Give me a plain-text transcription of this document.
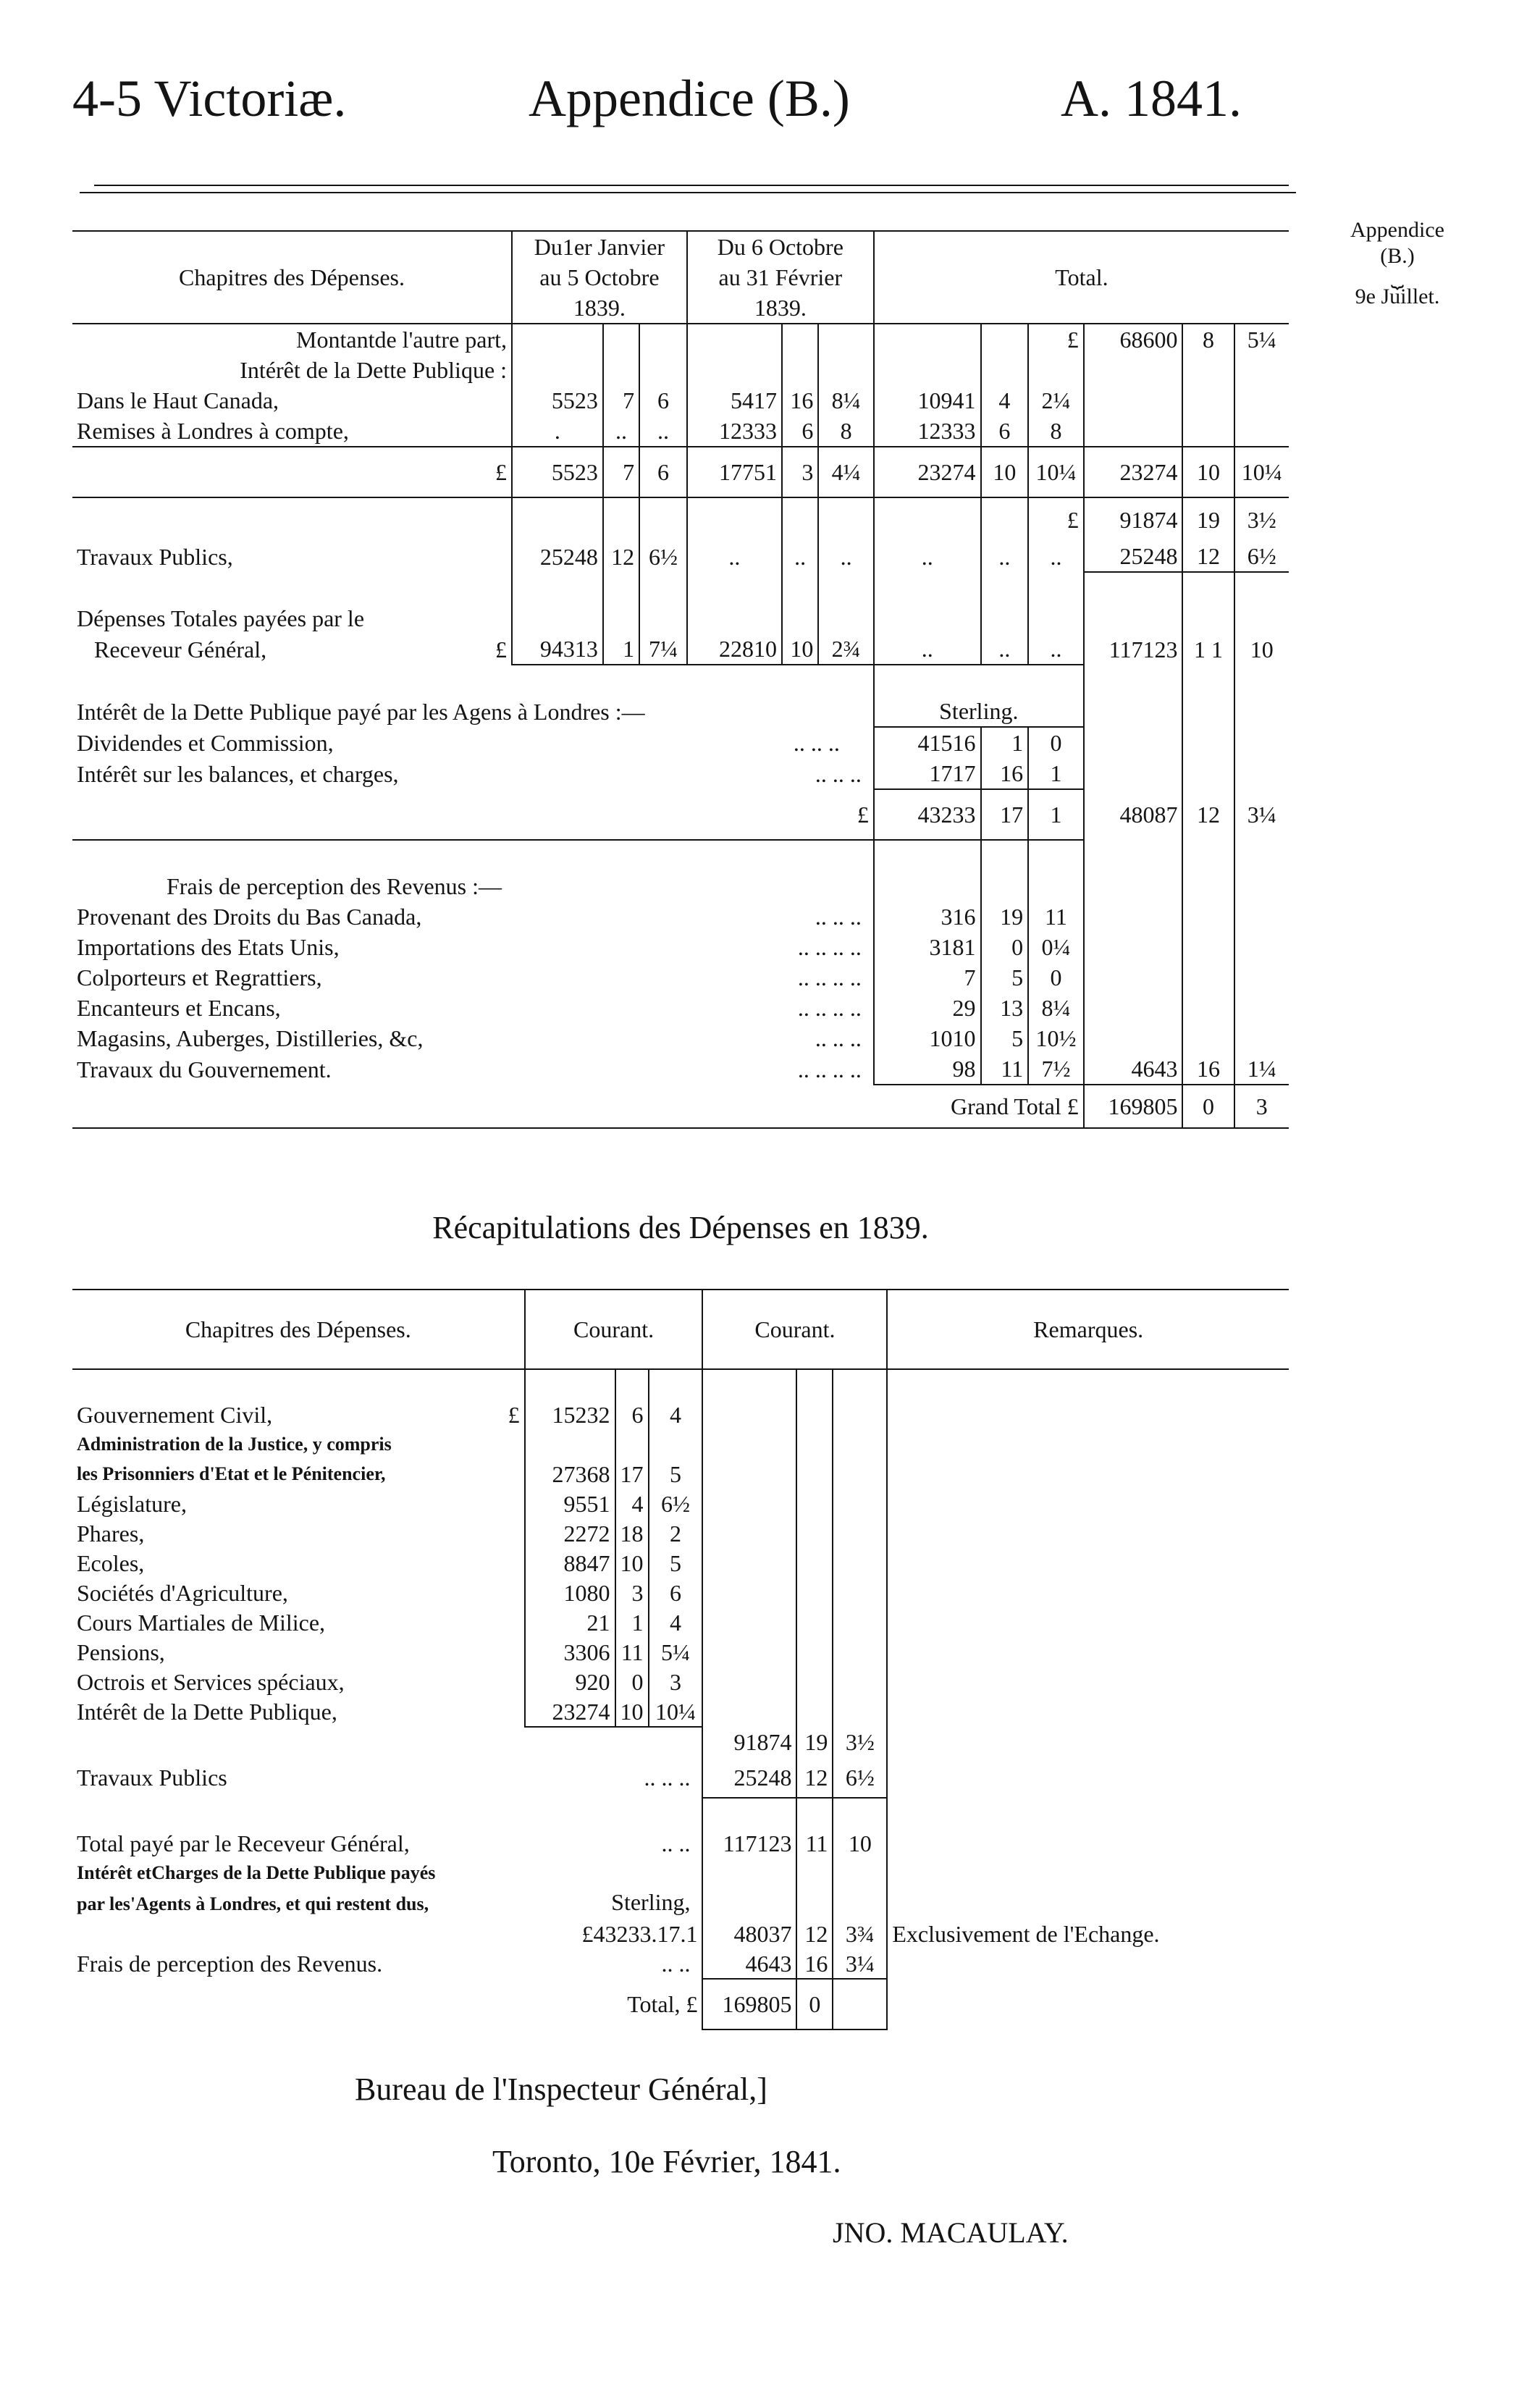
4-5 Victoriæ.	Appendice (B.)	A. 1841.
Appendice
(B.)
⏟
9e Juillet.
Chapitres des Dépenses.	Du1er Janvier			Du 6 Octobre			Total.					
	au 5 Octobre			au 31 Février								
	1839.			1839.								
Montantde l'autre part,									£	68600	8	5¼
Intérêt de la Dette Publique :												
Dans le Haut Canada,	5523	7	6	5417	16	8¼	10941	4	2¼			
Remises à Londres à compte,	.	..	..	12333	6	8	12333	6	8			
£	5523	7	6	17751	3	4¼	23274	10	10¼	23274	10	10¼
									£	91874	19	3½
Travaux Publics,	25248	12	6½	..	..	..	..	..	..	25248	12	6½

Dépenses Totales payées par le												
Receveur Général, £	94313	1	7¼	22810	10	2¾	..	..	..	117123	1 1	10

Intérêt de la Dette Publique payé par les Agens à Londres :—							Sterling.					
Dividendes et Commission, .. .. ..							41516	1	0			
Intérêt sur les balances, et charges, .. .. ..							1717	16	1			
£							43233	17	1	48087	12	3¼

Frais de perception des Revenus :—												
Provenant des Droits du Bas Canada, .. .. ..							316	19	11			
Importations des Etats Unis, .. .. .. ..							3181	0	0¼			
Colporteurs et Regrattiers, .. .. .. ..							7	5	0			
Encanteurs et Encans, .. .. .. ..							29	13	8¼			
Magasins, Auberges, Distilleries, &c, .. .. ..							1010	5	10½			
Travaux du Gouvernement. .. .. .. ..							98	11	7½	4643	16	1¼
							Grand Total £			169805	0	3
Récapitulations des Dépenses en 1839.
Chapitres des Dépenses.	Courant.			Courant.			Remarques.

Gouvernement Civil, £	15232	6	4				
Administration de la Justice, y compris							
les Prisonniers d'Etat et le Pénitencier,	27368	17	5				
Législature,	9551	4	6½				
Phares,	2272	18	2				
Ecoles,	8847	10	5				
Sociétés d'Agriculture,	1080	3	6				
Cours Martiales de Milice,	21	1	4				
Pensions,	3306	11	5¼				
Octrois et Services spéciaux,	920	0	3				
Intérêt de la Dette Publique,	23274	10	10¼				
				91874	19	3½	
Travaux Publics .. .. ..				25248	12	6½	

Total payé par le Receveur Général, .. ..				117123	11	10	
Intérêt etCharges de la Dette Publique payés							
par les'Agents à Londres, et qui restent dus, Sterling,							

£43233.17.1				48037	12	3¾	Exclusivement de l'Echange.
Frais de perception des Revenus. .. ..				4643	16	3¼	
Total, £				169805	0		
Bureau de l'Inspecteur Général,]
Toronto, 10e Février, 1841.
JNO. MACAULAY.
